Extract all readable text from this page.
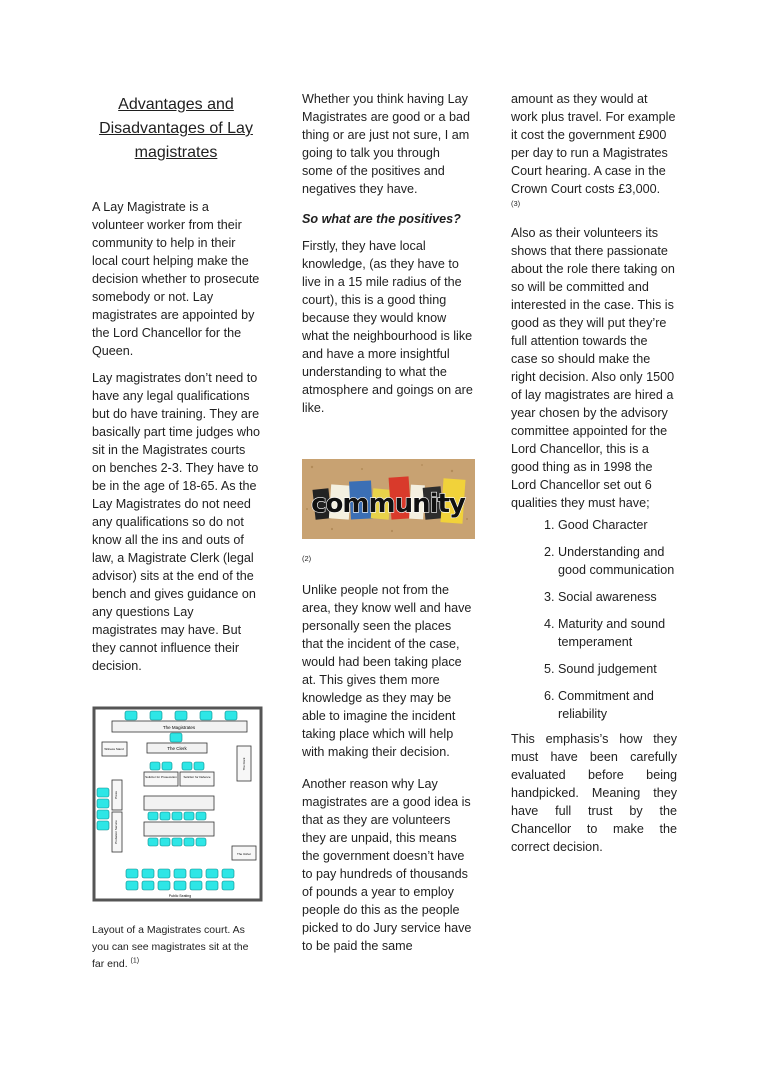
Advantages and Disadvantages of Lay magistrates

A Lay Magistrate is a volunteer worker from their community to help in their local court helping make the decision whether to prosecute somebody or not. Lay magistrates are appointed by the Lord Chancellor for the Queen.

Lay magistrates don’t need to have any legal qualifications but do have training. They are basically part time judges who sit in the Magistrates courts on benches 2-3. They have to be in the age of 18-65. As the Lay Magistrates do not need any qualifications so do not know all the ins and outs of law, a Magistrate Clerk (legal advisor) sits at the end of the bench and gives guidance on any questions Lay magistrates may have. But they cannot influence their decision.

The Magistrates
The Clerk
Witness Stand
The Dock
Solicitor for Prosecution Solicitor for Defence
Press
Probation Service
The Usher
Public Seating
Layout of a Magistrates court. As you can see magistrates sit at the far end. $^{(1)}$

Whether you think having Lay Magistrates are good or a bad thing or are just not sure, I am going to talk you through some of the positives and negatives they have.

So what are the positives?

Firstly, they have local knowledge, (as they have to live in a 15 mile radius of the court), this is a good thing because they would know what the neighbourhood is like and have a more insightful understanding to what the atmosphere and goings on are like.

community

(2)

Unlike people not from the area, they know well and have personally seen the places that the incident of the case, would had been taking place at. This gives them more knowledge as they may be able to imagine the incident taking place which will help with making their decision.

Another reason why Lay magistrates are a good idea is that as they are volunteers they are unpaid, this means the government doesn’t have to pay hundreds of thousands of pounds a year to employ people do this as the people picked to do Jury service have to be paid the same

amount as they would at work plus travel. For example it cost the government £900 per day to run a Magistrates Court hearing. A case in the Crown Court costs £3,000.

(3)

Also as their volunteers its shows that there passionate about the role there taking on so will be committed and interested in the case. This is good as they will put they’re full attention towards the case so should make the right decision. Also only 1500 of lay magistrates are hired a year chosen by the advisory committee appointed for the Lord Chancellor, this is a good thing as in 1998 the Lord Chancellor set out 6 qualities they must have;

1. Good Character
2. Understanding and good communication
3. Social awareness
4. Maturity and sound temperament
5. Sound judgement
6. Commitment and reliability

This emphasis’s how they must have been carefully evaluated before being handpicked. Meaning they have full trust by the Chancellor to make the correct decision.
